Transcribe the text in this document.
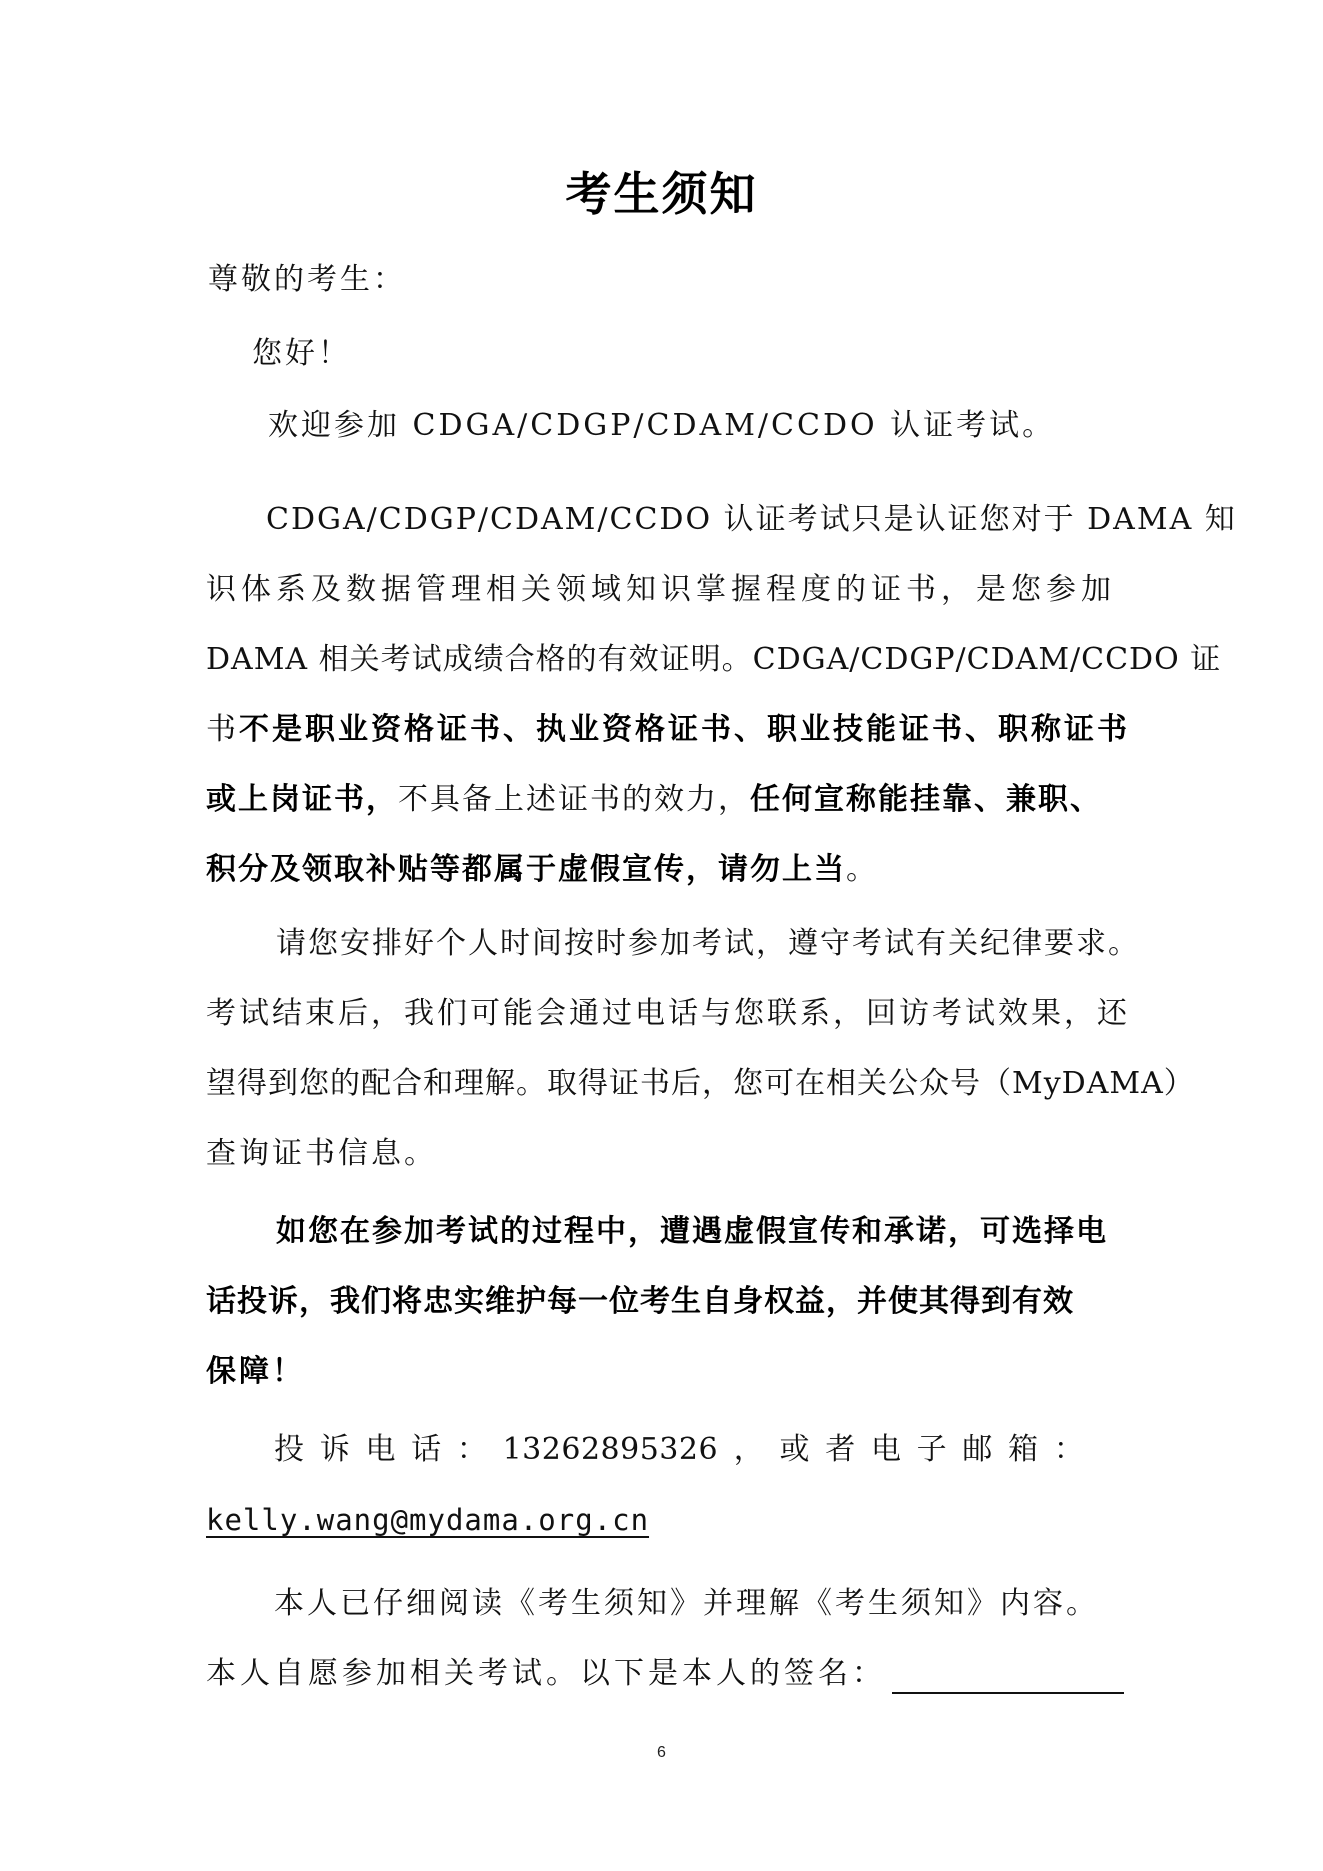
考生须知
尊敬的考生：
您好！
欢迎参加 CDGA/CDGP/CDAM/CCDO 认证考试。
CDGA/CDGP/CDAM/CCDO 认证考试只是认证您对于 DAMA 知
识体系及数据管理相关领域知识掌握程度的证书，是您参加
DAMA 相关考试成绩合格的有效证明。CDGA/CDGP/CDAM/CCDO 证
书不是职业资格证书、执业资格证书、职业技能证书、职称证书
或上岗证书，不具备上述证书的效力，任何宣称能挂靠、兼职、
积分及领取补贴等都属于虚假宣传，请勿上当。
请您安排好个人时间按时参加考试，遵守考试有关纪律要求。
考试结束后，我们可能会通过电话与您联系，回访考试效果，还
望得到您的配合和理解。取得证书后，您可在相关公众号（MyDAMA）
查询证书信息。
如您在参加考试的过程中，遭遇虚假宣传和承诺，可选择电
话投诉，我们将忠实维护每一位考生自身权益，并使其得到有效
保障！
投 诉 电 话 ： 13262895326 ， 或 者 电 子 邮 箱 ：
kelly.wang@mydama.org.cn
本人已仔细阅读《考生须知》并理解《考生须知》内容。
本人自愿参加相关考试。以下是本人的签名：
6
